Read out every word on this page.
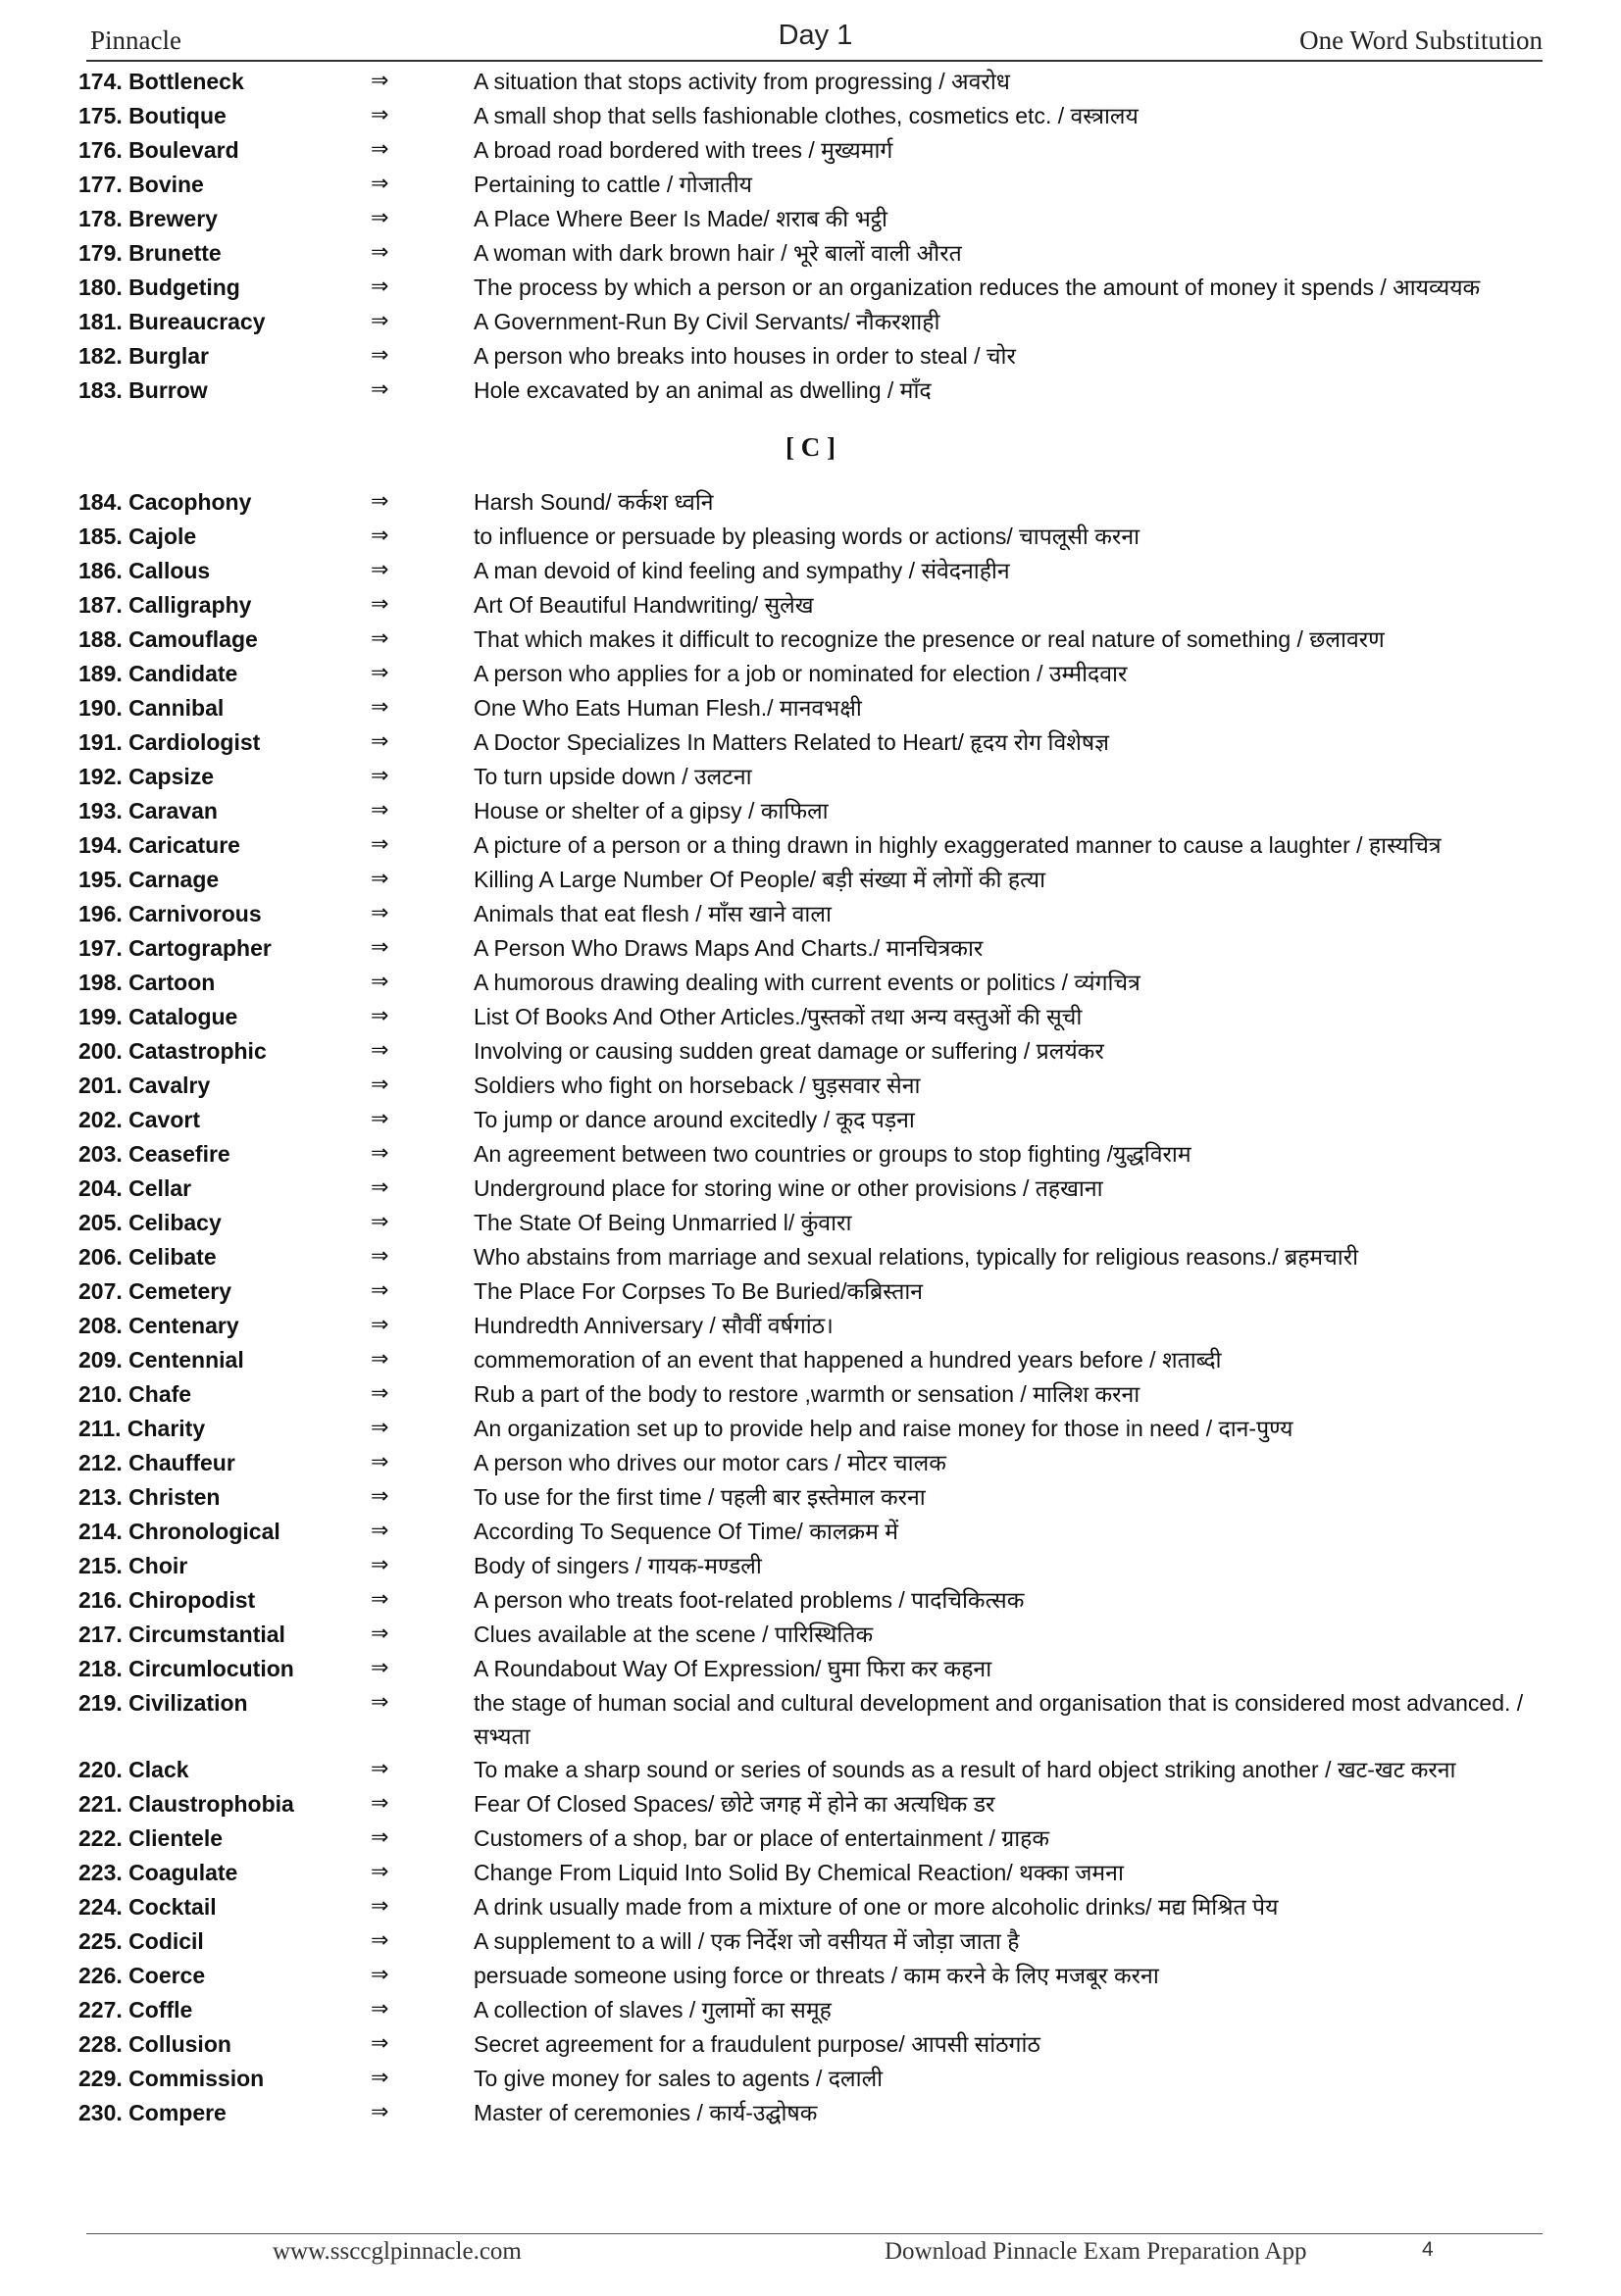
Pinnacle	Day 1	One Word Substitution
174. Bottleneck	⇒	A situation that stops activity from progressing / अवरोध
175. Boutique	⇒	A small shop that sells fashionable clothes, cosmetics etc. / वस्त्रालय
176. Boulevard	⇒	A broad road bordered with trees / मुख्यमार्ग
177. Bovine	⇒	Pertaining to cattle / गोजातीय
178. Brewery	⇒	A Place Where Beer Is Made/ शराब की भट्ठी
179. Brunette	⇒	A woman with dark brown hair / भूरे बालों वाली औरत
180. Budgeting	⇒	The process by which a person or an organization reduces the amount of money it spends / आयव्ययक
181. Bureaucracy	⇒	A Government-Run By Civil Servants/ नौकरशाही
182. Burglar	⇒	A person who breaks into houses in order to steal / चोर
183. Burrow	⇒	Hole excavated by an animal as dwelling / माँद
[ C ]
184. Cacophony	⇒	Harsh Sound/ कर्कश ध्वनि
185. Cajole	⇒	to influence or persuade by pleasing words or actions/ चापलूसी करना
186. Callous	⇒	A man devoid of kind feeling and sympathy / संवेदनाहीन
187. Calligraphy	⇒	Art Of Beautiful Handwriting/ सुलेख
188. Camouflage	⇒	That which makes it difficult to recognize the presence or real nature of something / छलावरण
189. Candidate	⇒	A person who applies for a job or nominated for election / उम्मीदवार
190. Cannibal	⇒	One Who Eats Human Flesh./ मानवभक्षी
191. Cardiologist	⇒	A Doctor Specializes In Matters Related to Heart/ हृदय रोग विशेषज्ञ
192. Capsize	⇒	To turn upside down / उलटना
193. Caravan	⇒	House or shelter of a gipsy / काफिला
194. Caricature	⇒	A picture of a person or a thing drawn in highly exaggerated manner to cause a laughter / हास्यचित्र
195. Carnage	⇒	Killing A Large Number Of People/ बड़ी संख्या में लोगों की हत्या
196. Carnivorous	⇒	Animals that eat flesh / माँस खाने वाला
197. Cartographer	⇒	A Person Who Draws Maps And Charts./ मानचित्रकार
198. Cartoon	⇒	A humorous drawing dealing with current events or politics / व्यंगचित्र
199. Catalogue	⇒	List Of Books And Other Articles./पुस्तकों तथा अन्य वस्तुओं की सूची
200. Catastrophic	⇒	Involving or causing sudden great damage or suffering / प्रलयंकर
201. Cavalry	⇒	Soldiers who fight on horseback / घुड़सवार सेना
202. Cavort	⇒	To jump or dance around excitedly / कूद पड़ना
203. Ceasefire	⇒	An agreement between two countries or groups to stop fighting /युद्धविराम
204. Cellar	⇒	Underground place for storing wine or other provisions / तहखाना
205. Celibacy	⇒	The State Of Being Unmarried l/ कुंवारा
206. Celibate	⇒	Who abstains from marriage and sexual relations, typically for religious reasons./ ब्रहमचारी
207. Cemetery	⇒	The Place For Corpses To Be Buried/कब्रिस्तान
208. Centenary	⇒	Hundredth Anniversary / सौवीं वर्षगांठ।
209. Centennial	⇒	commemoration of an event that happened a hundred years before / शताब्दी
210. Chafe	⇒	Rub a part of the body to restore ,warmth or sensation / मालिश करना
211. Charity	⇒	An organization set up to provide help and raise money for those in need / दान-पुण्य
212. Chauffeur	⇒	A person who drives our motor cars / मोटर चालक
213. Christen	⇒	To use for the first time / पहली बार इस्तेमाल करना
214. Chronological	⇒	According To Sequence Of Time/ कालक्रम में
215. Choir	⇒	Body of singers / गायक-मण्डली
216. Chiropodist	⇒	A person who treats foot-related problems / पादचिकित्सक
217. Circumstantial	⇒	Clues available at the scene / पारिस्थितिक
218. Circumlocution	⇒	A Roundabout Way Of Expression/ घुमा फिरा कर कहना
219. Civilization	⇒	the stage of human social and cultural development and organisation that is considered most advanced. / सभ्यता
220. Clack	⇒	To make a sharp sound or series of sounds as a result of hard object striking another / खट-खट करना
221. Claustrophobia	⇒	Fear Of Closed Spaces/ छोटे जगह में होने का अत्यधिक डर
222. Clientele	⇒	Customers of a shop, bar or place of entertainment / ग्राहक
223. Coagulate	⇒	Change From Liquid Into Solid By Chemical Reaction/ थक्का जमना
224. Cocktail	⇒	A drink usually made from a mixture of one or more alcoholic drinks/ मद्य मिश्रित पेय
225. Codicil	⇒	A supplement to a will / एक निर्देश जो वसीयत में जोड़ा जाता है
226. Coerce	⇒	persuade someone using force or threats / काम करने के लिए मजबूर करना
227. Coffle	⇒	A collection of slaves / गुलामों का समूह
228. Collusion	⇒	Secret agreement for a fraudulent purpose/ आपसी सांठगांठ
229. Commission	⇒	To give money for sales to agents / दलाली
230. Compere	⇒	Master of ceremonies / कार्य-उद्घोषक
www.ssccglpinnacle.com	Download Pinnacle Exam Preparation App	4
